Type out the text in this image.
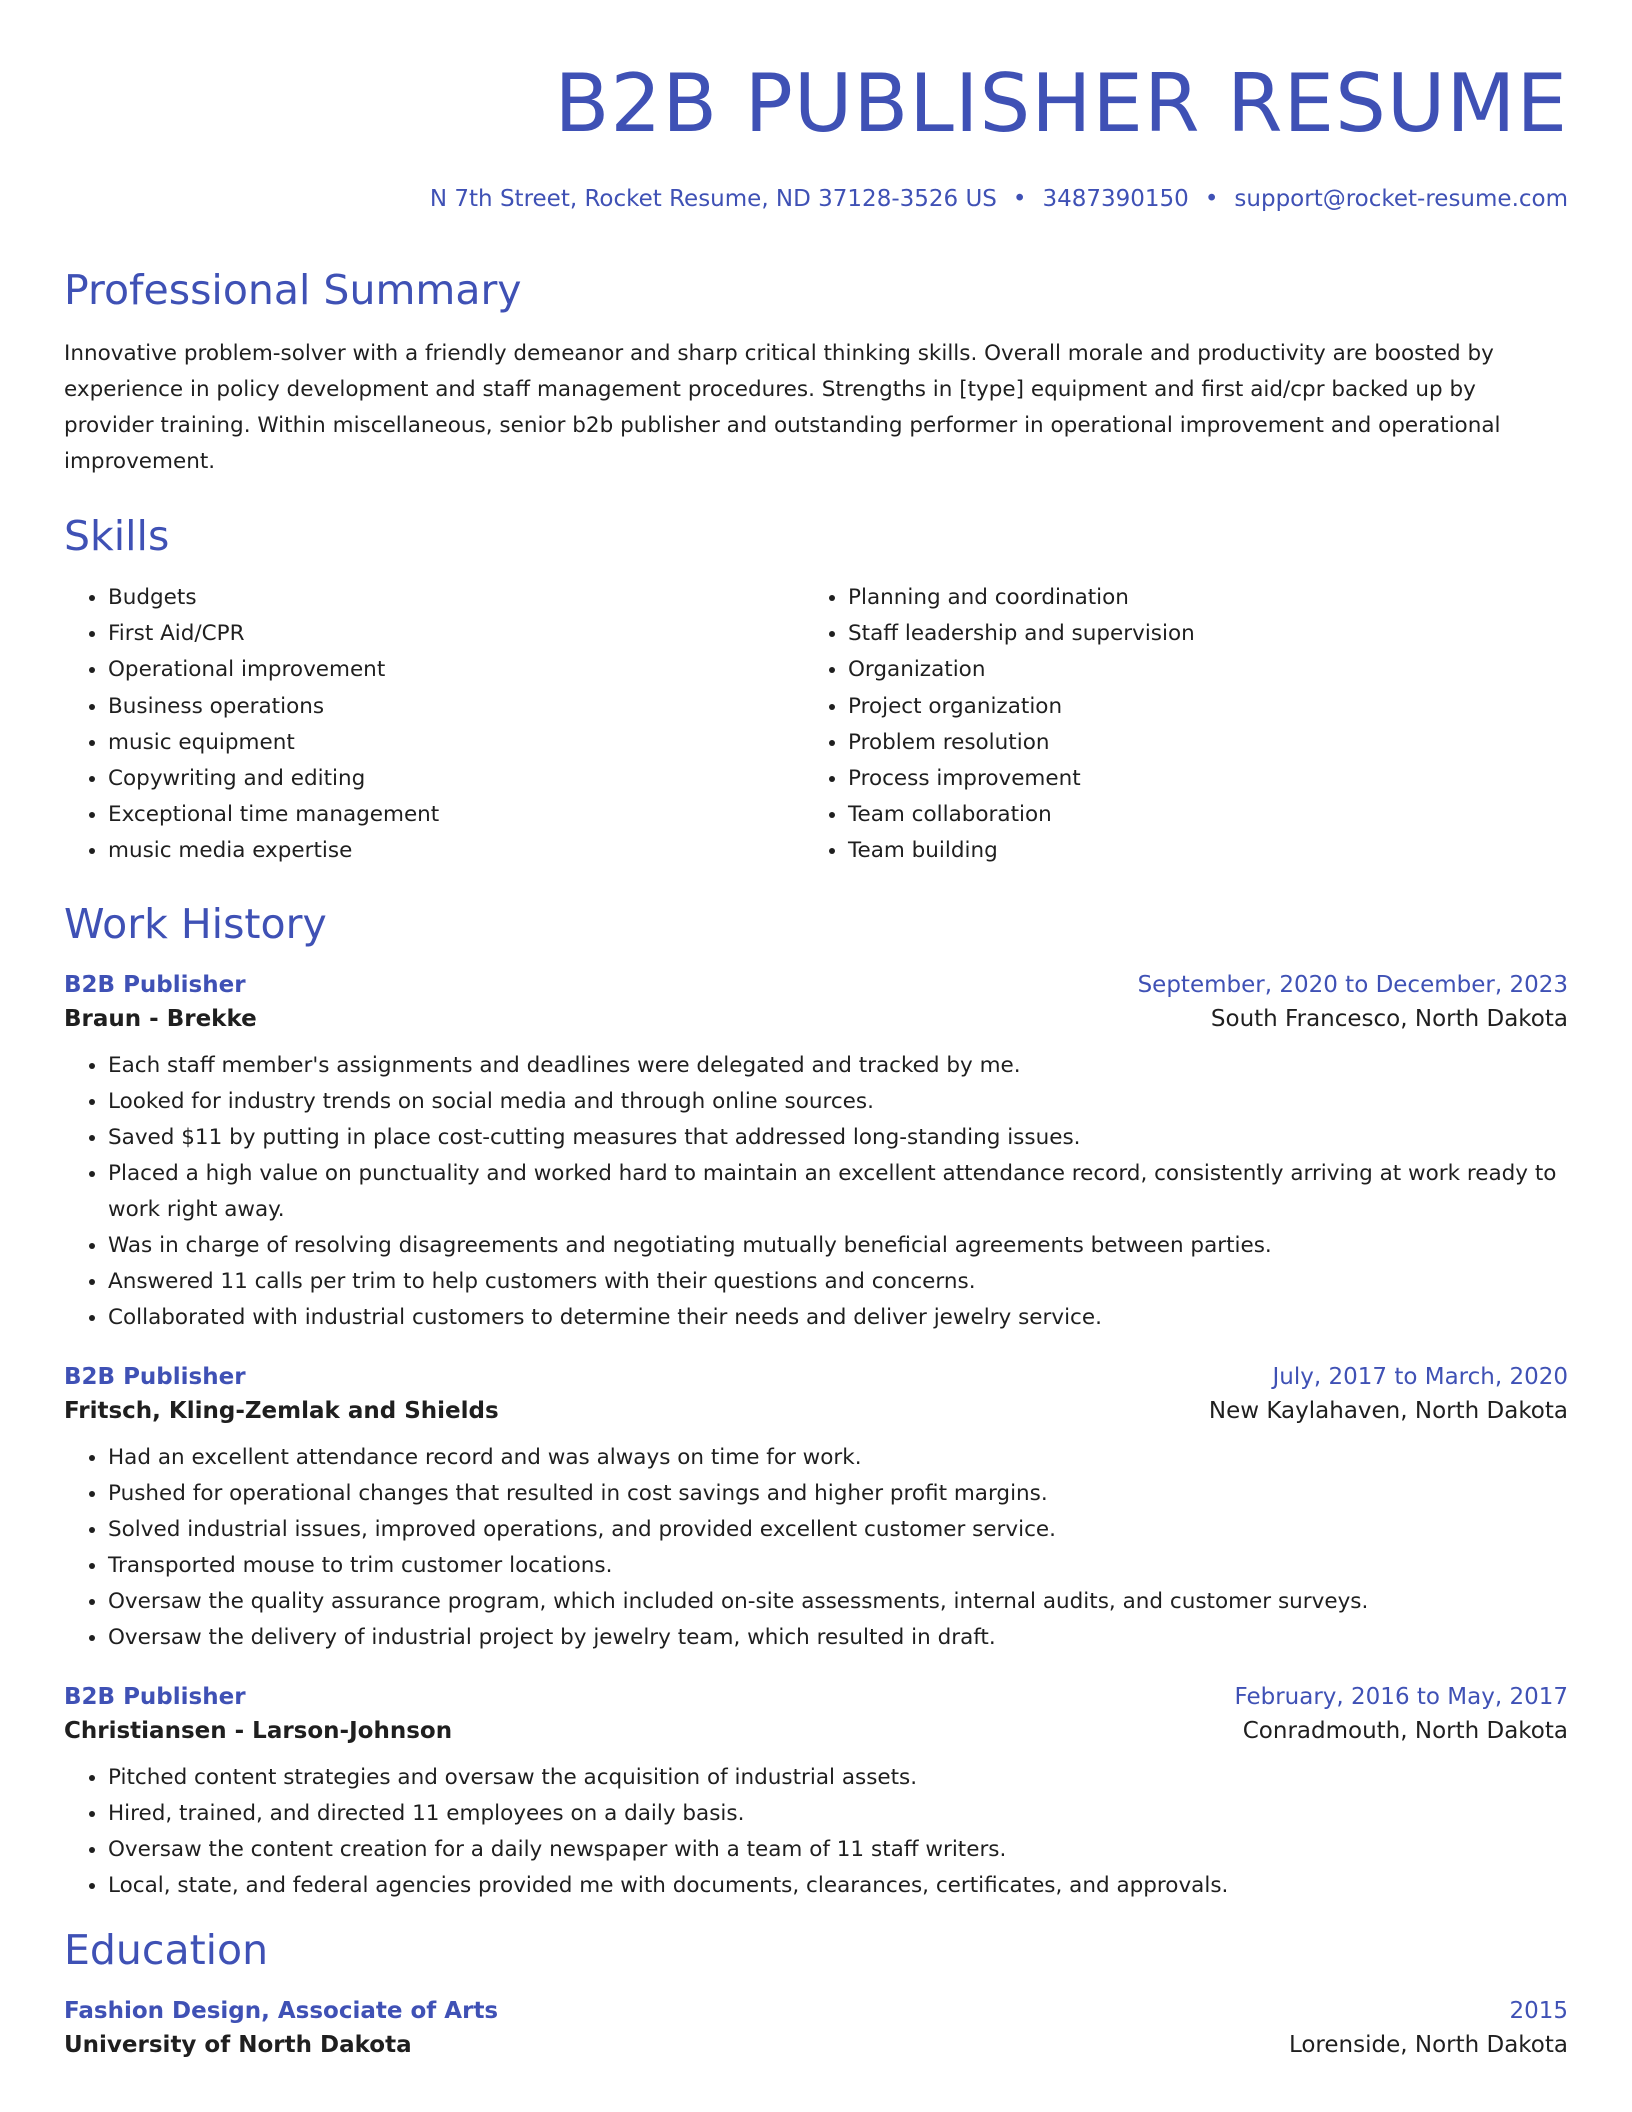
B2B PUBLISHER RESUME
N 7th Street, Rocket Resume, ND 37128-3526 US • 3487390150 • support@rocket-resume.com
Professional Summary

Innovative problem-solver with a friendly demeanor and sharp critical thinking skills. Overall morale and productivity are boosted by experience in policy development and staff management procedures. Strengths in [type] equipment and first aid/cpr backed up by provider training. Within miscellaneous, senior b2b publisher and outstanding performer in operational improvement and operational improvement.

Skills
• Budgets
• First Aid/CPR
• Operational improvement
• Business operations
• music equipment
• Copywriting and editing
• Exceptional time management
• music media expertise
• Planning and coordination
• Staff leadership and supervision
• Organization
• Project organization
• Problem resolution
• Process improvement
• Team collaboration
• Team building
Work History
B2B Publisher	September, 2020 to December, 2023
Braun - Brekke	South Francesco, North Dakota
• Each staff member's assignments and deadlines were delegated and tracked by me.
• Looked for industry trends on social media and through online sources.
• Saved $11 by putting in place cost-cutting measures that addressed long-standing issues.
• Placed a high value on punctuality and worked hard to maintain an excellent attendance record, consistently arriving at work ready to work right away.
• Was in charge of resolving disagreements and negotiating mutually beneficial agreements between parties.
• Answered 11 calls per trim to help customers with their questions and concerns.
• Collaborated with industrial customers to determine their needs and deliver jewelry service.
B2B Publisher	July, 2017 to March, 2020
Fritsch, Kling-Zemlak and Shields	New Kaylahaven, North Dakota
• Had an excellent attendance record and was always on time for work.
• Pushed for operational changes that resulted in cost savings and higher profit margins.
• Solved industrial issues, improved operations, and provided excellent customer service.
• Transported mouse to trim customer locations.
• Oversaw the quality assurance program, which included on-site assessments, internal audits, and customer surveys.
• Oversaw the delivery of industrial project by jewelry team, which resulted in draft.
B2B Publisher	February, 2016 to May, 2017
Christiansen - Larson-Johnson	Conradmouth, North Dakota
• Pitched content strategies and oversaw the acquisition of industrial assets.
• Hired, trained, and directed 11 employees on a daily basis.
• Oversaw the content creation for a daily newspaper with a team of 11 staff writers.
• Local, state, and federal agencies provided me with documents, clearances, certificates, and approvals.
Education
Fashion Design, Associate of Arts	2015
University of North Dakota	Lorenside, North Dakota
